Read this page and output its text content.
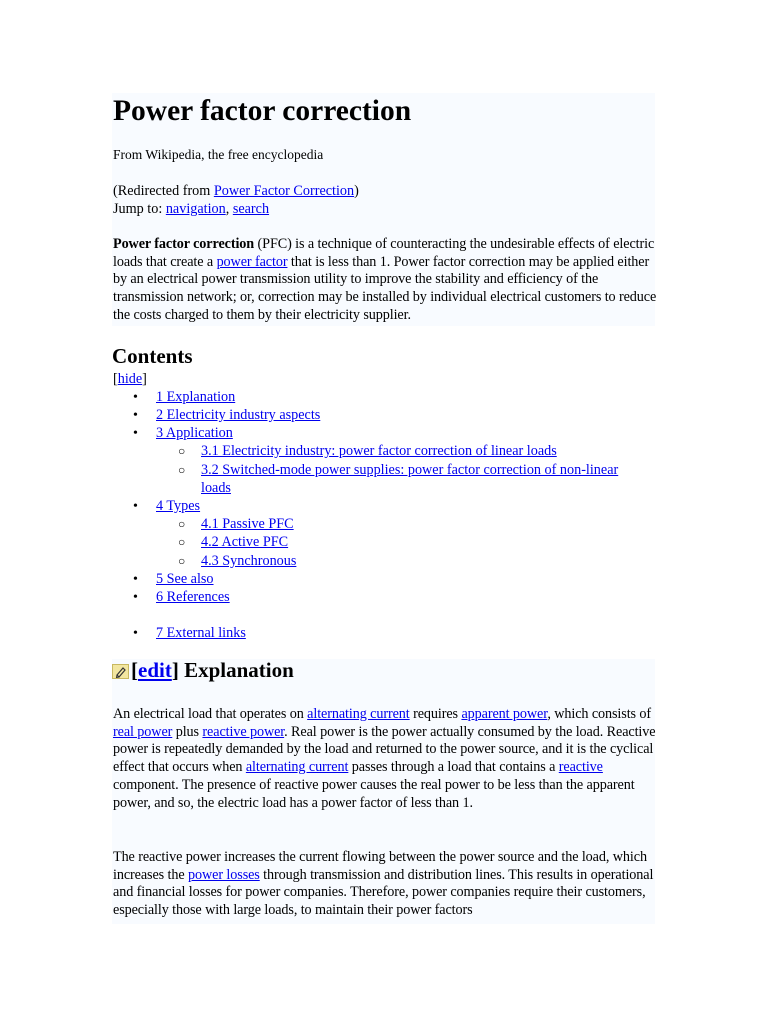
Power factor correction
From Wikipedia, the free encyclopedia
(Redirected from Power Factor Correction)
Jump to: navigation, search

Power factor correction (PFC) is a technique of counteracting the undesirable effects of electric loads that create a power factor that is less than 1. Power factor correction may be applied either by an electrical power transmission utility to improve the stability and efficiency of the transmission network; or, correction may be installed by individual electrical customers to reduce the costs charged to them by their electricity supplier.

Contents
[hide]
• 1 Explanation
• 2 Electricity industry aspects
• 3 Application
○ 3.1 Electricity industry: power factor correction of linear loads
○ 3.2 Switched-mode power supplies: power factor correction of non-linear
loads
• 4 Types
○ 4.1 Passive PFC
○ 4.2 Active PFC
○ 4.3 Synchronous
• 5 See also
• 6 References
• 7 External links
[ edit ] Explanation

An electrical load that operates on alternating current requires apparent power, which consists of real power plus reactive power. Real power is the power actually consumed by the load. Reactive power is repeatedly demanded by the load and returned to the power source, and it is the cyclical effect that occurs when alternating current passes through a load that contains a reactive component. The presence of reactive power causes the real power to be less than the apparent power, and so, the electric load has a power factor of less than 1.

The reactive power increases the current flowing between the power source and the load, which increases the power losses through transmission and distribution lines. This results in operational and financial losses for power companies. Therefore, power companies require their customers, especially those with large loads, to maintain their power factors
